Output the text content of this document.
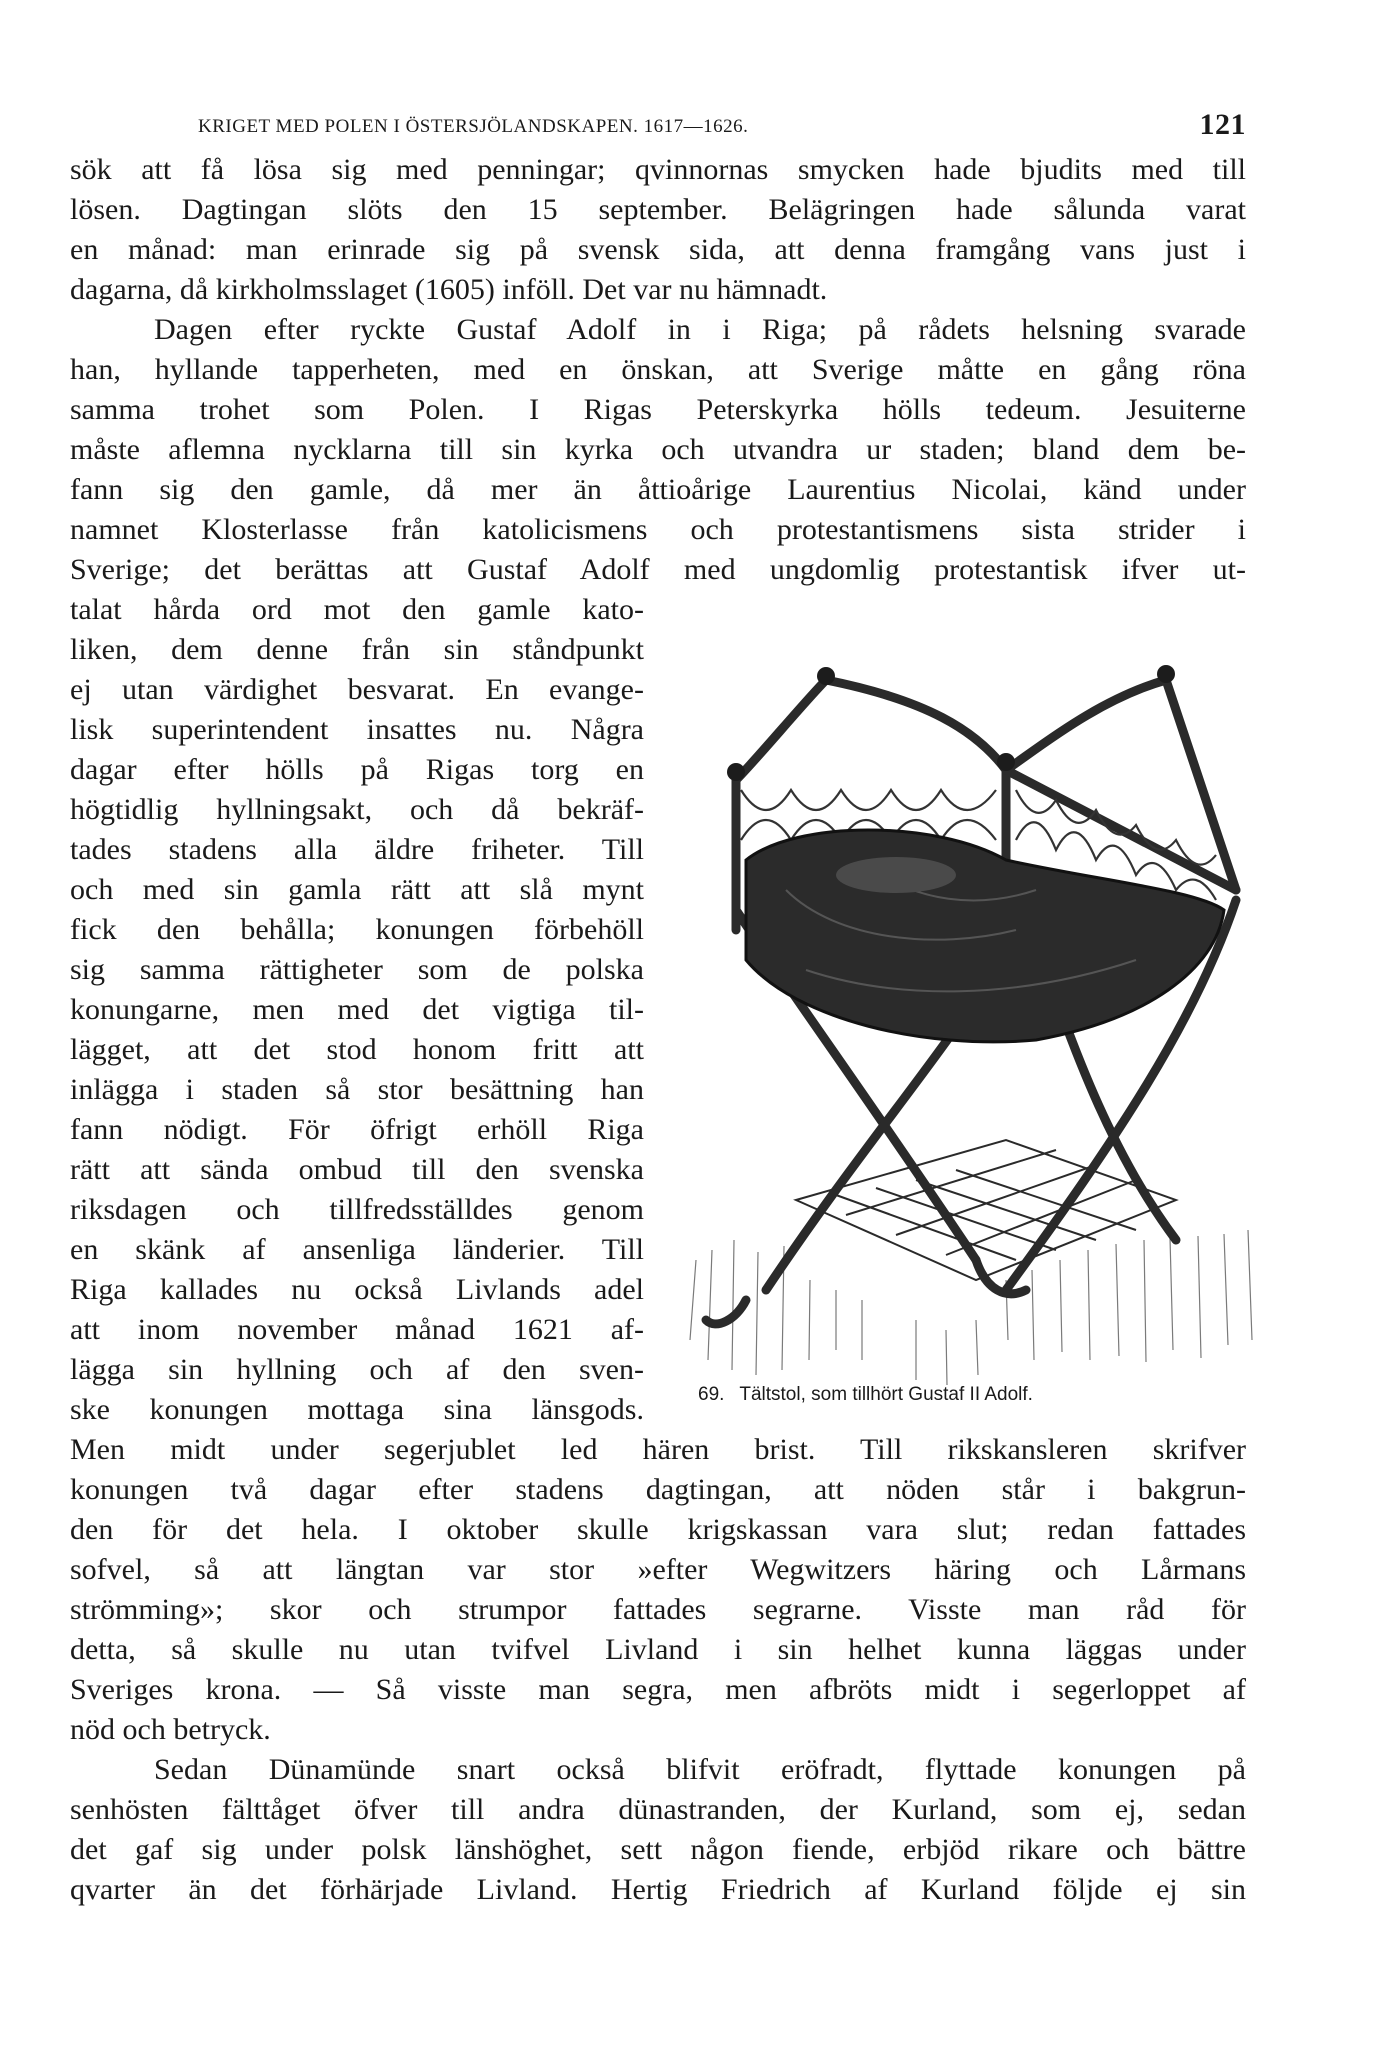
KRIGET MED POLEN I ÖSTERSJÖLANDSKAPEN. 1617—1626.	121
sök att få lösa sig med penningar; qvinnornas smycken hade bjudits med till
lösen. Dagtingan slöts den 15 september. Belägringen hade sålunda varat
en månad: man erinrade sig på svensk sida, att denna framgång vans just i
dagarna, då kirkholmsslaget (1605) inföll. Det var nu hämnadt.
Dagen efter ryckte Gustaf Adolf in i Riga; på rådets helsning svarade
han, hyllande tapperheten, med en önskan, att Sverige måtte en gång röna
samma trohet som Polen. I Rigas Peterskyrka hölls tedeum. Jesuiterne
måste aflemna nycklarna till sin kyrka och utvandra ur staden; bland dem be-
fann sig den gamle, då mer än åttioårige Laurentius Nicolai, känd under
namnet Klosterlasse från katolicismens och protestantismens sista strider i
Sverige; det berättas att Gustaf Adolf med ungdomlig protestantisk ifver ut-
talat hårda ord mot den gamle kato-
liken, dem denne från sin ståndpunkt
ej utan värdighet besvarat. En evange-
lisk superintendent insattes nu. Några
dagar efter hölls på Rigas torg en
högtidlig hyllningsakt, och då bekräf-
tades stadens alla äldre friheter. Till
och med sin gamla rätt att slå mynt
fick den behålla; konungen förbehöll
sig samma rättigheter som de polska
konungarne, men med det vigtiga til-
lägget, att det stod honom fritt att
inlägga i staden så stor besättning han
fann nödigt. För öfrigt erhöll Riga
rätt att sända ombud till den svenska
riksdagen och tillfredsställdes genom
en skänk af ansenliga länderier. Till
Riga kallades nu också Livlands adel
att inom november månad 1621 af-
lägga sin hyllning och af den sven-
ske konungen mottaga sina länsgods.
Men midt under segerjublet led hären brist. Till rikskansleren skrifver
konungen två dagar efter stadens dagtingan, att nöden står i bakgrun-
den för det hela. I oktober skulle krigskassan vara slut; redan fattades
sofvel, så att längtan var stor »efter Wegwitzers häring och Lårmans
strömming»; skor och strumpor fattades segrarne. Visste man råd för
detta, så skulle nu utan tvifvel Livland i sin helhet kunna läggas under
Sveriges krona. — Så visste man segra, men afbröts midt i segerloppet af
nöd och betryck.
Sedan Dünamünde snart också blifvit eröfradt, flyttade konungen på
senhösten fälttåget öfver till andra dünastranden, der Kurland, som ej, sedan
det gaf sig under polsk länshöghet, sett någon fiende, erbjöd rikare och bättre
qvarter än det förhärjade Livland. Hertig Friedrich af Kurland följde ej sin
69. Tältstol, som tillhört Gustaf II Adolf.
